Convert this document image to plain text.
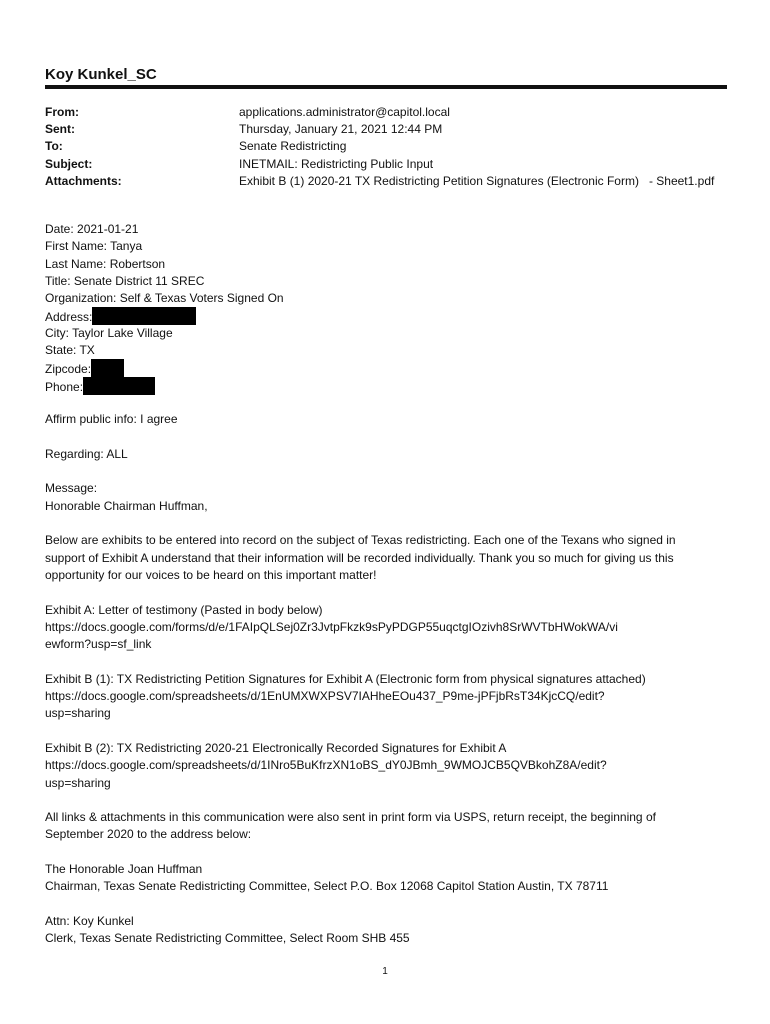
Koy Kunkel_SC
From:	applications.administrator@capitol.local
Sent:	Thursday, January 21, 2021 12:44 PM
To:	Senate Redistricting
Subject:	INETMAIL: Redistricting Public Input
Attachments:	Exhibit B (1) 2020-21 TX Redistricting Petition Signatures (Electronic Form)   - Sheet1.pdf
Date: 2021-01-21
First Name: Tanya
Last Name: Robertson
Title: Senate District 11 SREC
Organization: Self & Texas Voters Signed On
Address:
City: Taylor Lake Village
State: TX
Zipcode:
Phone:
Affirm public info: I agree
Regarding: ALL
Message:
Honorable Chairman Huffman,
Below are exhibits to be entered into record on the subject of Texas redistricting. Each one of the Texans who signed in
support of Exhibit A understand that their information will be recorded individually. Thank you so much for giving us this
opportunity for our voices to be heard on this important matter!
Exhibit A: Letter of testimony (Pasted in body below)
https://docs.google.com/forms/d/e/1FAIpQLSej0Zr3JvtpFkzk9sPyPDGP55uqctgIOzivh8SrWVTbHWokWA/vi
ewform?usp=sf_link
Exhibit B (1): TX Redistricting Petition Signatures for Exhibit A (Electronic form from physical signatures attached)
https://docs.google.com/spreadsheets/d/1EnUMXWXPSV7IAHheEOu437_P9me-jPFjbRsT34KjcCQ/edit?
usp=sharing
Exhibit B (2): TX Redistricting 2020-21 Electronically Recorded Signatures for Exhibit A
https://docs.google.com/spreadsheets/d/1INro5BuKfrzXN1oBS_dY0JBmh_9WMOJCB5QVBkohZ8A/edit?
usp=sharing
All links & attachments in this communication were also sent in print form via USPS, return receipt, the beginning of
September 2020 to the address below:
The Honorable Joan Huffman
Chairman, Texas Senate Redistricting Committee, Select P.O. Box 12068 Capitol Station Austin, TX 78711
Attn: Koy Kunkel
Clerk, Texas Senate Redistricting Committee, Select Room SHB 455
1
